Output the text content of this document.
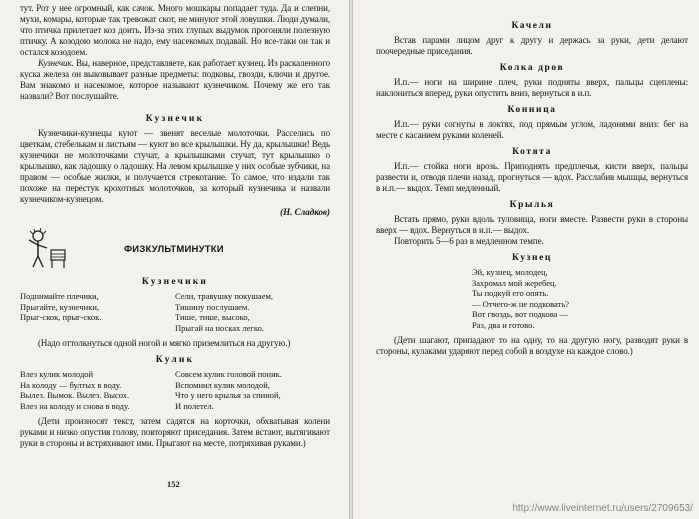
тут. Рот у нее огромный, как сачок. Много мошкары попадает туда. Да и слепни, мухи, комары, которые так тревожат скот, не минуют этой ловушки. Люди думали, что птичка прилетает коз доить. Из-за этих глупых выдумок прогоняли полезную птичку. А козодою молока не надо, ему насекомых подавай. Но все-таки он так и остался козодоем.

Кузнечик. Вы, наверное, представляете, как работает кузнец. Из раскаленного куска железа он выковывает разные предметы: подковы, гвозди, ключи и другое. Вам знакомо и насекомое, которое называют кузнечиком. Почему же его так назвали? Вот послушайте.

Кузнечик

Кузнечики-кузнецы куют — звенят веселые молоточки. Расселись по цветкам, стебелькам и листьям — куют во все крылышки. Ну да, крылышки! Ведь кузнечики не молоточками стучат, а крылышками стучат, тут крылышко о крылышко, как ладошку о ладошку. На левом крылышке у них особые зубчики, на правом — особые жилки, и получается стрекотание. То самое, что издали так похоже на перестук крохотных молоточков, за который кузнечика и назвали кузнечиком-кузнецом.

(Н. Сладков)

ФИЗКУЛЬТМИНУТКИ

Кузнечики

Поднимайте плечики,
Прыгайте, кузнечики,
Прыг-скок, прыг-скок.
Сели, травушку покушаем,
Тишину послушаем.
Тише, тише, высоко,
Прыгай на носках легко.

(Надо оттолкнуться одной ногой и мягко приземлиться на другую.)

Кулик

Влез кулик молодой
На колоду — бултых в воду.
Вылез. Вымок. Вылез. Высох.
Влез на колоду и снова в воду.
Совсем кулик головой поник.
Вспомнил кулик молодой,
Что у него крылья за спиной,
И полетел.

(Дети произносят текст, затем садятся на корточки, обхватывая колени руками и низко опустив голову, повторяют приседания. Затем встают, вытягивают руки в стороны и встряхивают ими. Прыгают на месте, потряхивая руками.)

152

Качели

Встав парами лицом друг к другу и держась за руки, дети делают поочередные приседания.

Колка дров

И.п.— ноги на ширине плеч, руки подняты вверх, пальцы сцеплены: наклониться вперед, руки опустить вниз, вернуться в и.п.

Конница

И.п.— руки согнуты в локтях, под прямым углом, ладонями вниз: бег на месте с касанием руками коленей.

Котята

И.п.— стойка ноги врозь. Приподнять предплечья, кисти вверх, пальцы развести и, отводя плечи назад, прогнуться — вдох. Расслабив мышцы, вернуться в и.п.— выдох. Темп медленный.

Крылья

Встать прямо, руки вдоль туловища, ноги вместе. Развести руки в стороны вверх — вдох. Вернуться в и.п.— выдох.

Повторить 5—6 раз в медленном темпе.

Кузнец

Эй, кузнец, молодец,
Захромал мой жеребец.
Ты подкуй его опять.
— Отчего-ж не подковать?
Вот гвоздь, вот подкова —
Раз, два и готово.

(Дети шагают, припадают то на одну, то на другую ногу, разводят руки в стороны, кулаками ударяют перед собой в воздухе на каждое слово.)

http://www.liveinternet.ru/users/2709653/
